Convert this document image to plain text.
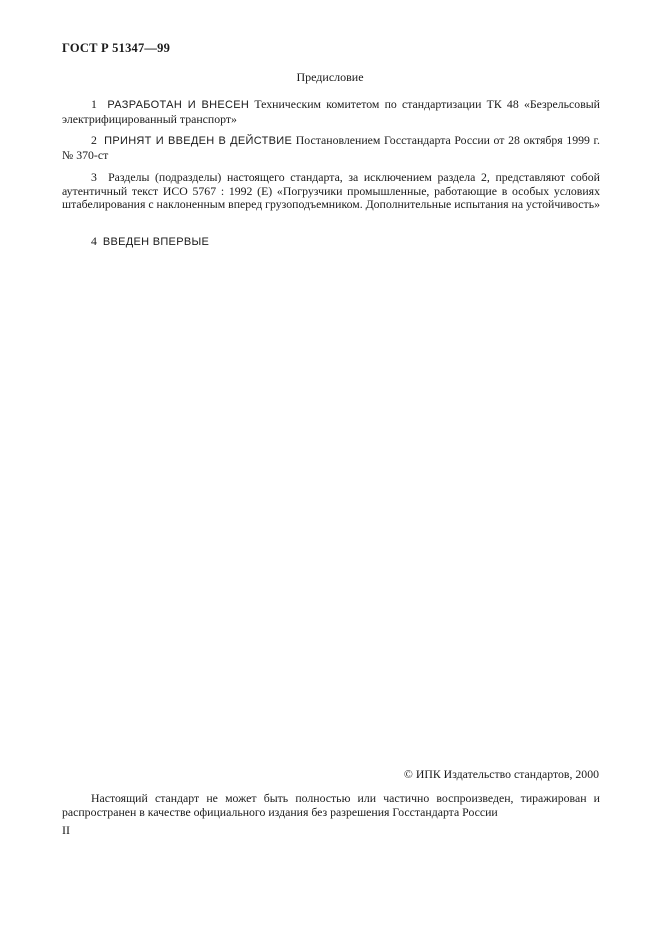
ГОСТ Р 51347—99
Предисловие

1 РАЗРАБОТАН И ВНЕСЕН Техническим комитетом по стандартизации ТК 48 «Безрельсовый электрифицированный транспорт»

2 ПРИНЯТ И ВВЕДЕН В ДЕЙСТВИЕ Постановлением Госстандарта России от 28 октября 1999 г. № 370-ст

3 Разделы (подразделы) настоящего стандарта, за исключением раздела 2, представляют собой аутентичный текст ИСО 5767 : 1992 (Е) «Погрузчики промышленные, работающие в особых условиях штабелирования с наклоненным вперед грузоподъемником. Дополнительные испытания на устойчивость»

4 ВВЕДЕН ВПЕРВЫЕ

© ИПК Издательство стандартов, 2000

Настоящий стандарт не может быть полностью или частично воспроизведен, тиражирован и распространен в качестве официального издания без разрешения Госстандарта России

II
